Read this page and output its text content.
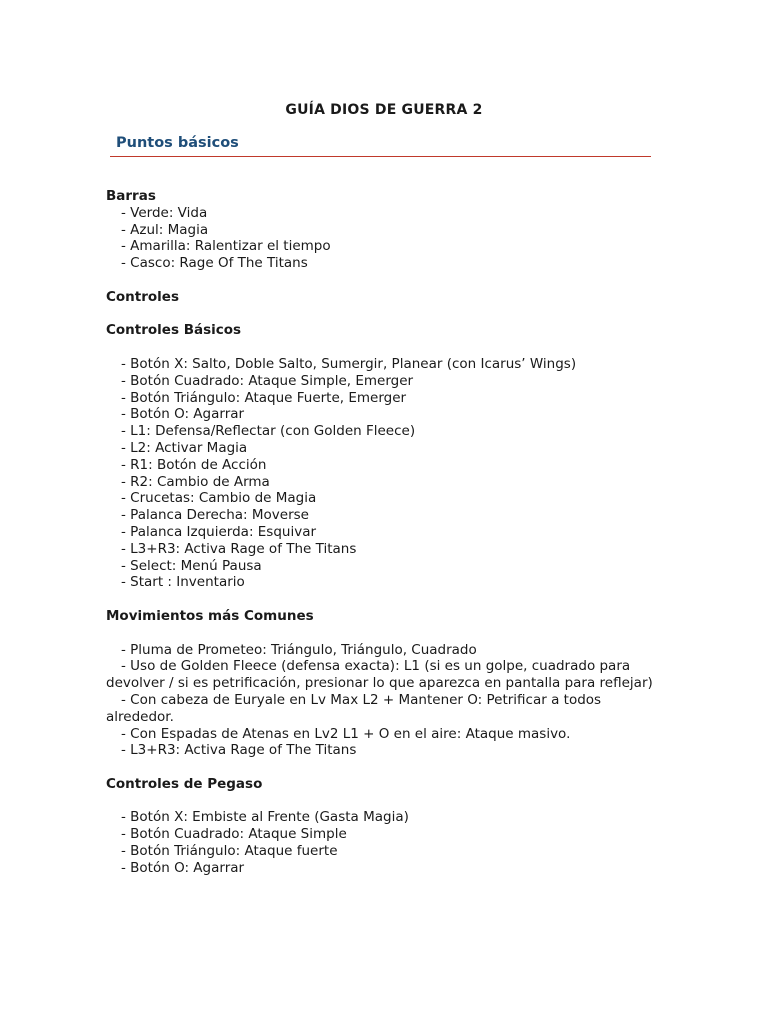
GUÍA DIOS DE GUERRA 2
Puntos básicos

Barras

- Verde: Vida

- Azul: Magia

- Amarilla: Ralentizar el tiempo

- Casco: Rage Of The Titans

Controles

Controles Básicos

- Botón X: Salto, Doble Salto, Sumergir, Planear (con Icarus’ Wings)

- Botón Cuadrado: Ataque Simple, Emerger

- Botón Triángulo: Ataque Fuerte, Emerger

- Botón O: Agarrar

- L1: Defensa/Reflectar (con Golden Fleece)

- L2: Activar Magia

- R1: Botón de Acción

- R2: Cambio de Arma

- Crucetas: Cambio de Magia

- Palanca Derecha: Moverse

- Palanca Izquierda: Esquivar

- L3+R3: Activa Rage of The Titans

- Select: Menú Pausa

- Start : Inventario

Movimientos más Comunes

- Pluma de Prometeo: Triángulo, Triángulo, Cuadrado

- Uso de Golden Fleece (defensa exacta): L1 (si es un golpe, cuadrado para devolver / si es petrificación, presionar lo que aparezca en pantalla para reflejar)

- Con cabeza de Euryale en Lv Max L2 + Mantener O: Petrificar a todos alrededor.

- Con Espadas de Atenas en Lv2 L1 + O en el aire: Ataque masivo.

- L3+R3: Activa Rage of The Titans

Controles de Pegaso

- Botón X: Embiste al Frente (Gasta Magia)

- Botón Cuadrado: Ataque Simple

- Botón Triángulo: Ataque fuerte

- Botón O: Agarrar
